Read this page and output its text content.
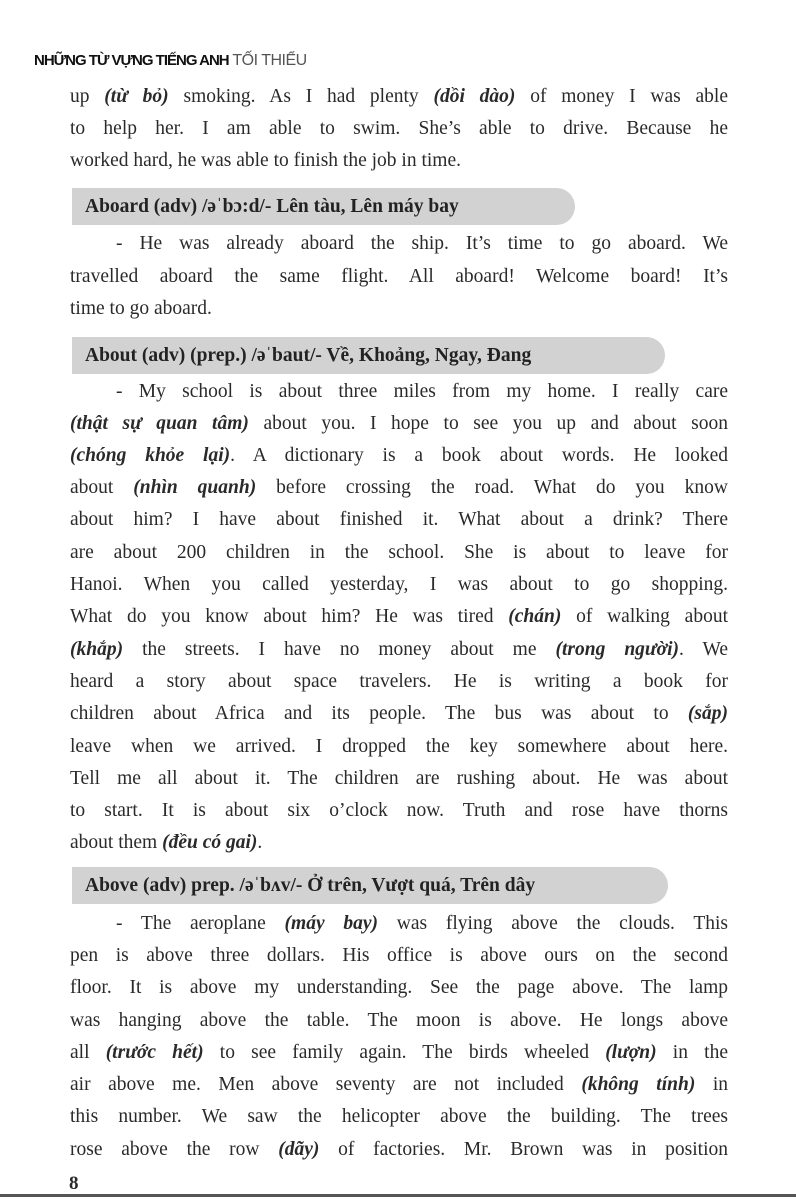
NHỮNG TỪ VỰNG TIẾNG ANH TỐI THIỂU
Aboard (adv) /əˈbɔ:d/- Lên tàu, Lên máy bay
About (adv) (prep.) /əˈbaut/- Về, Khoảng, Ngay, Đang
Above (adv) prep. /əˈbʌv/- Ở trên, Vượt quá, Trên dây
up (từ bỏ) smoking. As I had plenty (dồi dào) of money I was able
to help her. I am able to swim. She’s able to drive. Because he
worked hard, he was able to finish the job in time.
- He was already aboard the ship. It’s time to go aboard. We
travelled aboard the same flight. All aboard! Welcome board! It’s
time to go aboard.
- My school is about three miles from my home. I really care
(thật sự quan tâm) about you. I hope to see you up and about soon
(chóng khỏe lại). A dictionary is a book about words. He looked
about (nhìn quanh) before crossing the road. What do you know
about him? I have about finished it. What about a drink? There
are about 200 children in the school. She is about to leave for
Hanoi. When you called yesterday, I was about to go shopping.
What do you know about him? He was tired (chán) of walking about
(khắp) the streets. I have no money about me (trong người). We
heard a story about space travelers. He is writing a book for
children about Africa and its people. The bus was about to (sắp)
leave when we arrived. I dropped the key somewhere about here.
Tell me all about it. The children are rushing about. He was about
to start. It is about six o’clock now. Truth and rose have thorns
about them (đều có gai).
- The aeroplane (máy bay) was flying above the clouds. This
pen is above three dollars. His office is above ours on the second
floor. It is above my understanding. See the page above. The lamp
was hanging above the table. The moon is above. He longs above
all (trước hết) to see family again. The birds wheeled (lượn) in the
air above me. Men above seventy are not included (không tính) in
this number. We saw the helicopter above the building. The trees
rose above the row (dãy) of factories. Mr. Brown was in position
8
